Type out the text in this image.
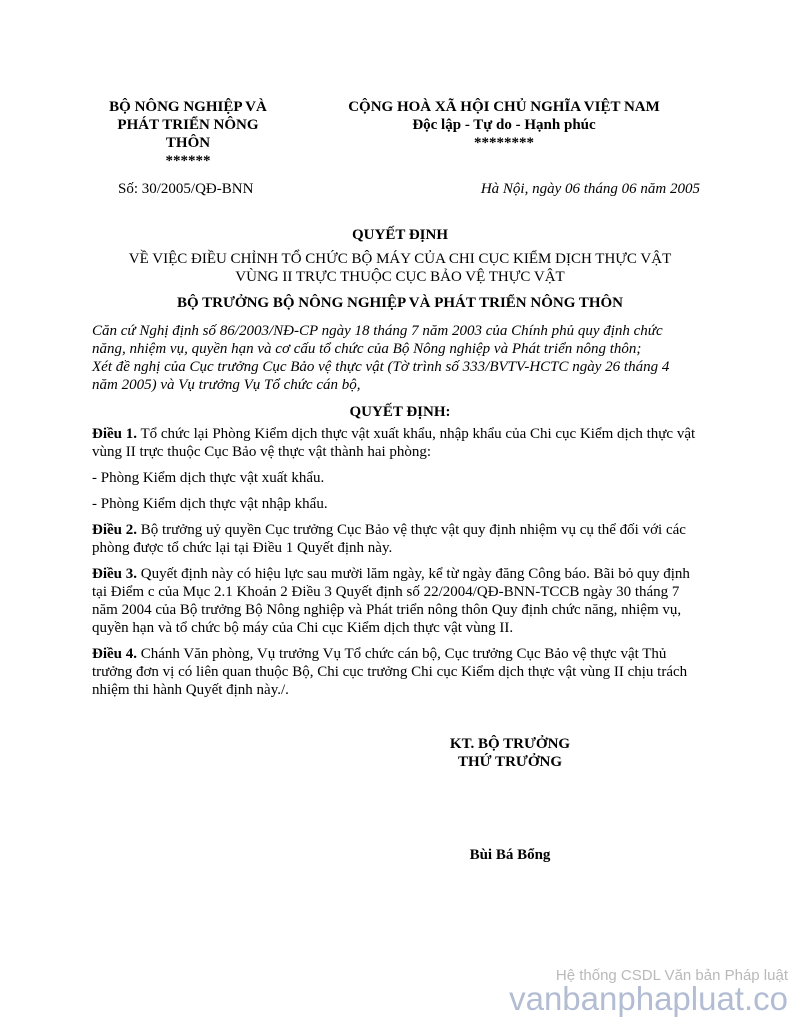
BỘ NÔNG NGHIỆP VÀ
PHÁT TRIỂN NÔNG
THÔN
******
CỘNG HOÀ XÃ HỘI CHỦ NGHĨA VIỆT NAM
Độc lập - Tự do - Hạnh phúc
********
Số: 30/2005/QĐ-BNN	Hà Nội, ngày 06 tháng 06 năm 2005
QUYẾT ĐỊNH
VỀ VIỆC ĐIỀU CHỈNH TỔ CHỨC BỘ MÁY CỦA CHI CỤC KIỂM DỊCH THỰC VẬT
VÙNG II TRỰC THUỘC CỤC BẢO VỆ THỰC VẬT
BỘ TRƯỞNG BỘ NÔNG NGHIỆP VÀ PHÁT TRIỂN NÔNG THÔN
Căn cứ Nghị định số 86/2003/NĐ-CP ngày 18 tháng 7 năm 2003 của Chính phủ quy định chức
năng, nhiệm vụ, quyền hạn và cơ cấu tổ chức của Bộ Nông nghiệp và Phát triển nông thôn;
Xét đề nghị của Cục trưởng Cục Bảo vệ thực vật (Tờ trình số 333/BVTV-HCTC ngày 26 tháng 4
năm 2005) và Vụ trưởng Vụ Tổ chức cán bộ,
QUYẾT ĐỊNH:

Điều 1. Tổ chức lại Phòng Kiểm dịch thực vật xuất khẩu, nhập khẩu của Chi cục Kiểm dịch thực vật vùng II trực thuộc Cục Bảo vệ thực vật thành hai phòng:

- Phòng Kiểm dịch thực vật xuất khẩu.

- Phòng Kiểm dịch thực vật nhập khẩu.

Điều 2. Bộ trưởng uỷ quyền Cục trưởng Cục Bảo vệ thực vật quy định nhiệm vụ cụ thể đối với các phòng được tổ chức lại tại Điều 1 Quyết định này.

Điều 3. Quyết định này có hiệu lực sau mười lăm ngày, kể từ ngày đăng Công báo. Bãi bỏ quy định tại Điểm c của Mục 2.1 Khoản 2 Điều 3 Quyết định số 22/2004/QĐ-BNN-TCCB ngày 30 tháng 7 năm 2004 của Bộ trưởng Bộ Nông nghiệp và Phát triển nông thôn Quy định chức năng, nhiệm vụ, quyền hạn và tổ chức bộ máy của Chi cục Kiểm dịch thực vật vùng II.

Điều 4. Chánh Văn phòng, Vụ trưởng Vụ Tổ chức cán bộ, Cục trưởng Cục Bảo vệ thực vật Thủ trưởng đơn vị có liên quan thuộc Bộ, Chi cục trưởng Chi cục Kiểm dịch thực vật vùng II chịu trách nhiệm thi hành Quyết định này./.

KT. BỘ TRƯỞNG
THỨ TRƯỞNG
Bùi Bá Bổng
Hệ thống CSDL Văn bản Pháp luật
vanbanphapluat.co
